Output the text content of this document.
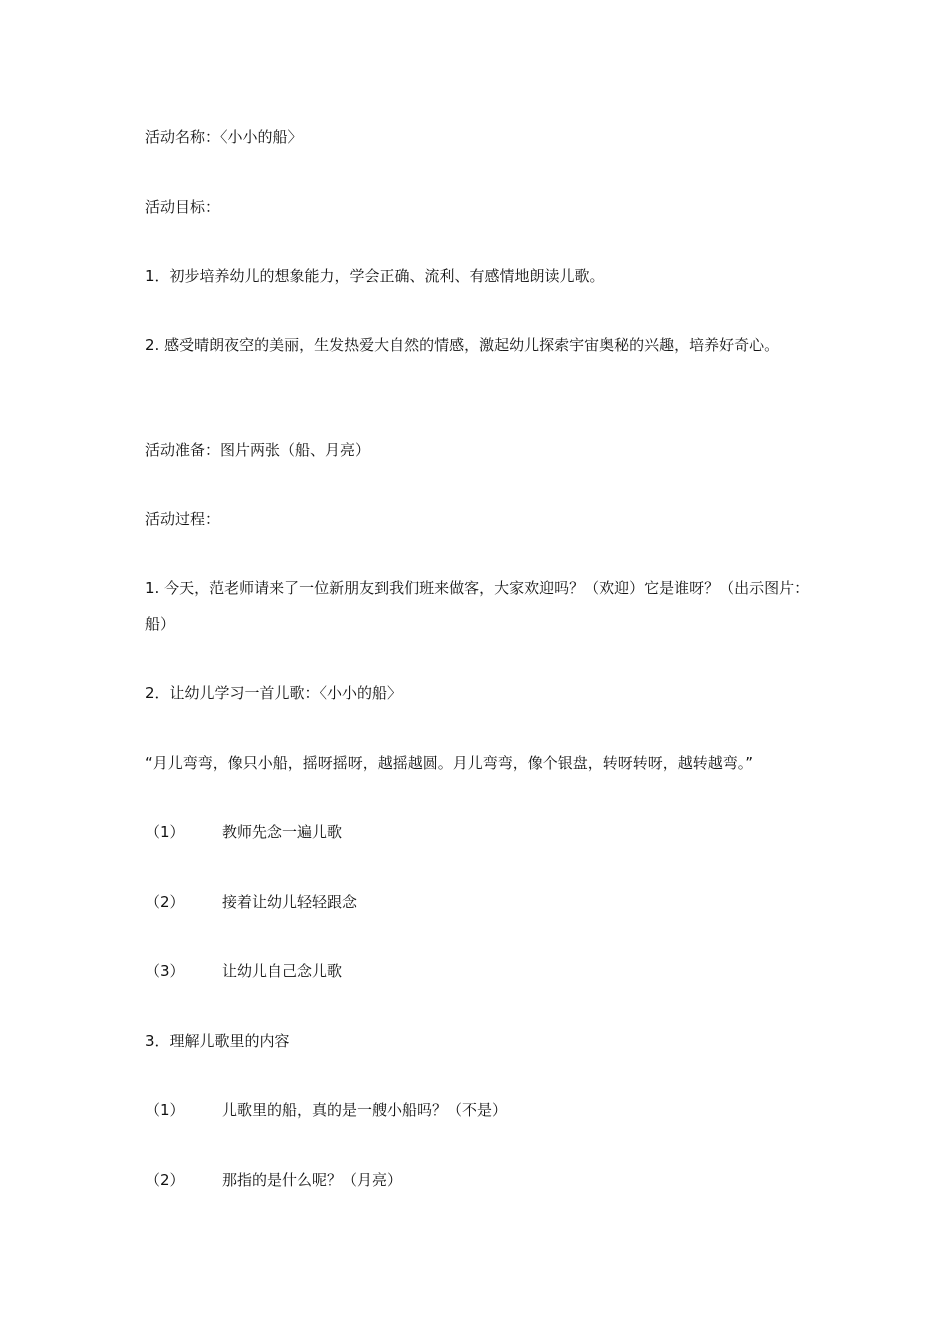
活动名称：〈小小的船〉
活动目标：
1．初步培养幼儿的想象能力，学会正确、流利、有感情地朗读儿歌。
2. 感受晴朗夜空的美丽，生发热爱大自然的情感，激起幼儿探索宇宙奥秘的兴趣，培养好奇心。
活动准备：图片两张（船、月亮）
活动过程：
1. 今天，范老师请来了一位新朋友到我们班来做客，大家欢迎吗？（欢迎）它是谁呀？（出示图片：船）
2．让幼儿学习一首儿歌：〈小小的船〉
“月儿弯弯，像只小船，摇呀摇呀，越摇越圆。月儿弯弯，像个银盘，转呀转呀，越转越弯。”
（1） 教师先念一遍儿歌
（2） 接着让幼儿轻轻跟念
（3） 让幼儿自己念儿歌
3．理解儿歌里的内容
（1） 儿歌里的船，真的是一艘小船吗？（不是）
（2） 那指的是什么呢？（月亮）
